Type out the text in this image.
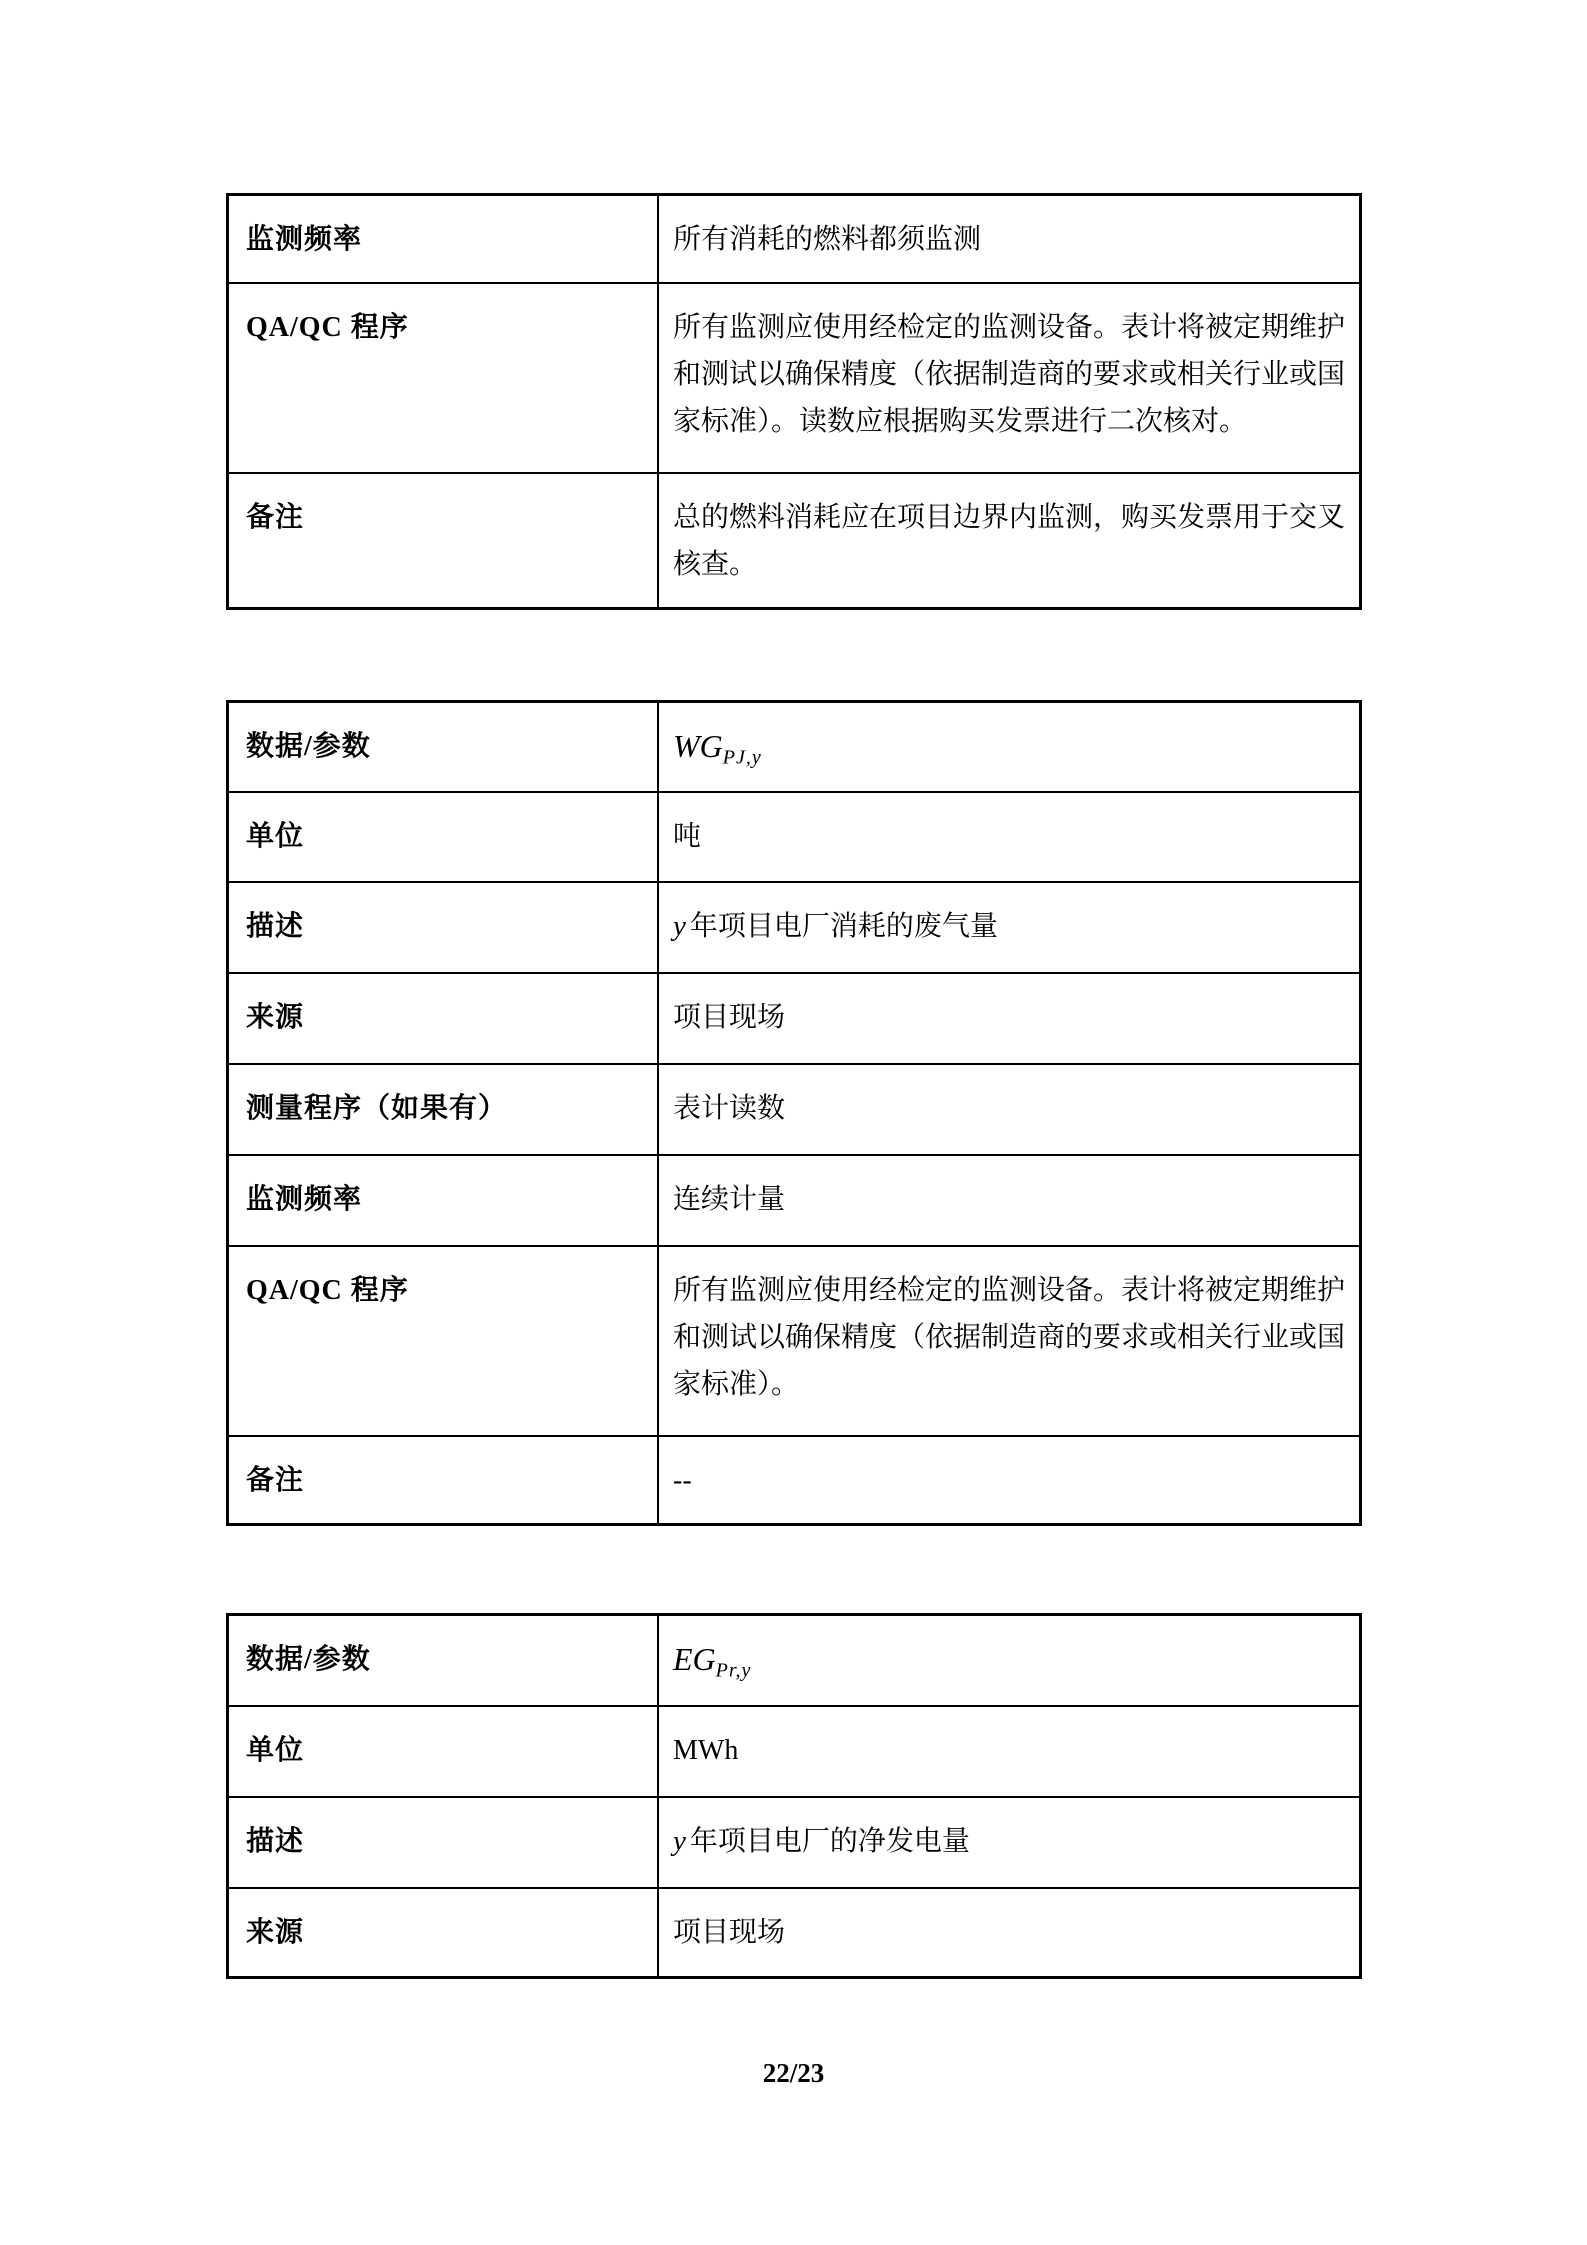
监测频率	所有消耗的燃料都须监测
QA/QC 程序	所有监测应使用经检定的监测设备。表计将被定期维护和测试以确保精度（依据制造商的要求或相关行业或国家标准）。读数应根据购买发票进行二次核对。
备注	总的燃料消耗应在项目边界内监测，购买发票用于交叉核查。
数据/参数	$WG_{PJ,y}$
单位	吨
描述	y 年项目电厂消耗的废气量
来源	项目现场
测量程序（如果有）	表计读数
监测频率	连续计量
QA/QC 程序	所有监测应使用经检定的监测设备。表计将被定期维护和测试以确保精度（依据制造商的要求或相关行业或国家标准）。
备注	--
数据/参数	$EG_{Pr,y}$
单位	MWh
描述	y 年项目电厂的净发电量
来源	项目现场
22/23
